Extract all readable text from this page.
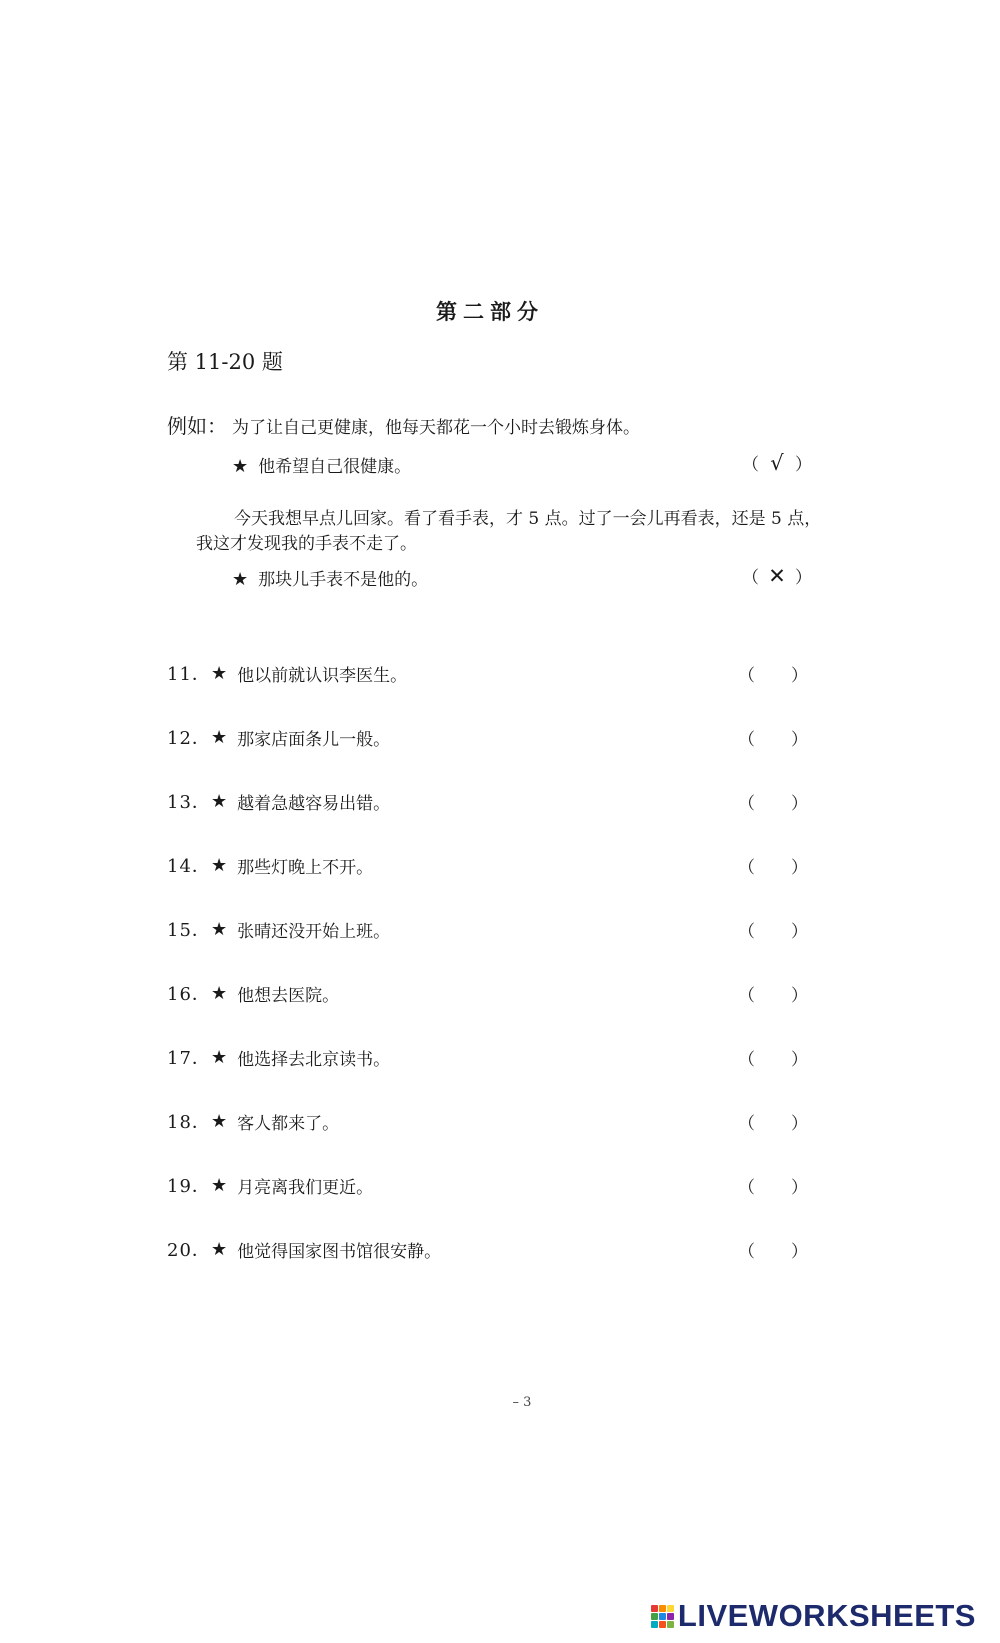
第二部分
第 11-20 题
例如： 为了让自己更健康，他每天都花一个小时去锻炼身体。
★ 他希望自己很健康。	（ √ ）
今天我想早点儿回家。看了看手表，才 5 点。过了一会儿再看表，还是 5 点，我这才发现我的手表不走了。
★ 那块儿手表不是他的。	（ ✕ ）
11． ★ 他以前就认识李医生。	（ ）
12． ★ 那家店面条儿一般。	（ ）
13． ★ 越着急越容易出错。	（ ）
14． ★ 那些灯晚上不开。	（ ）
15． ★ 张晴还没开始上班。	（ ）
16． ★ 他想去医院。	（ ）
17． ★ 他选择去北京读书。	（ ）
18． ★ 客人都来了。	（ ）
19． ★ 月亮离我们更近。	（ ）
20． ★ 他觉得国家图书馆很安静。	（ ）
– 3
LIVEWORKSHEETS
